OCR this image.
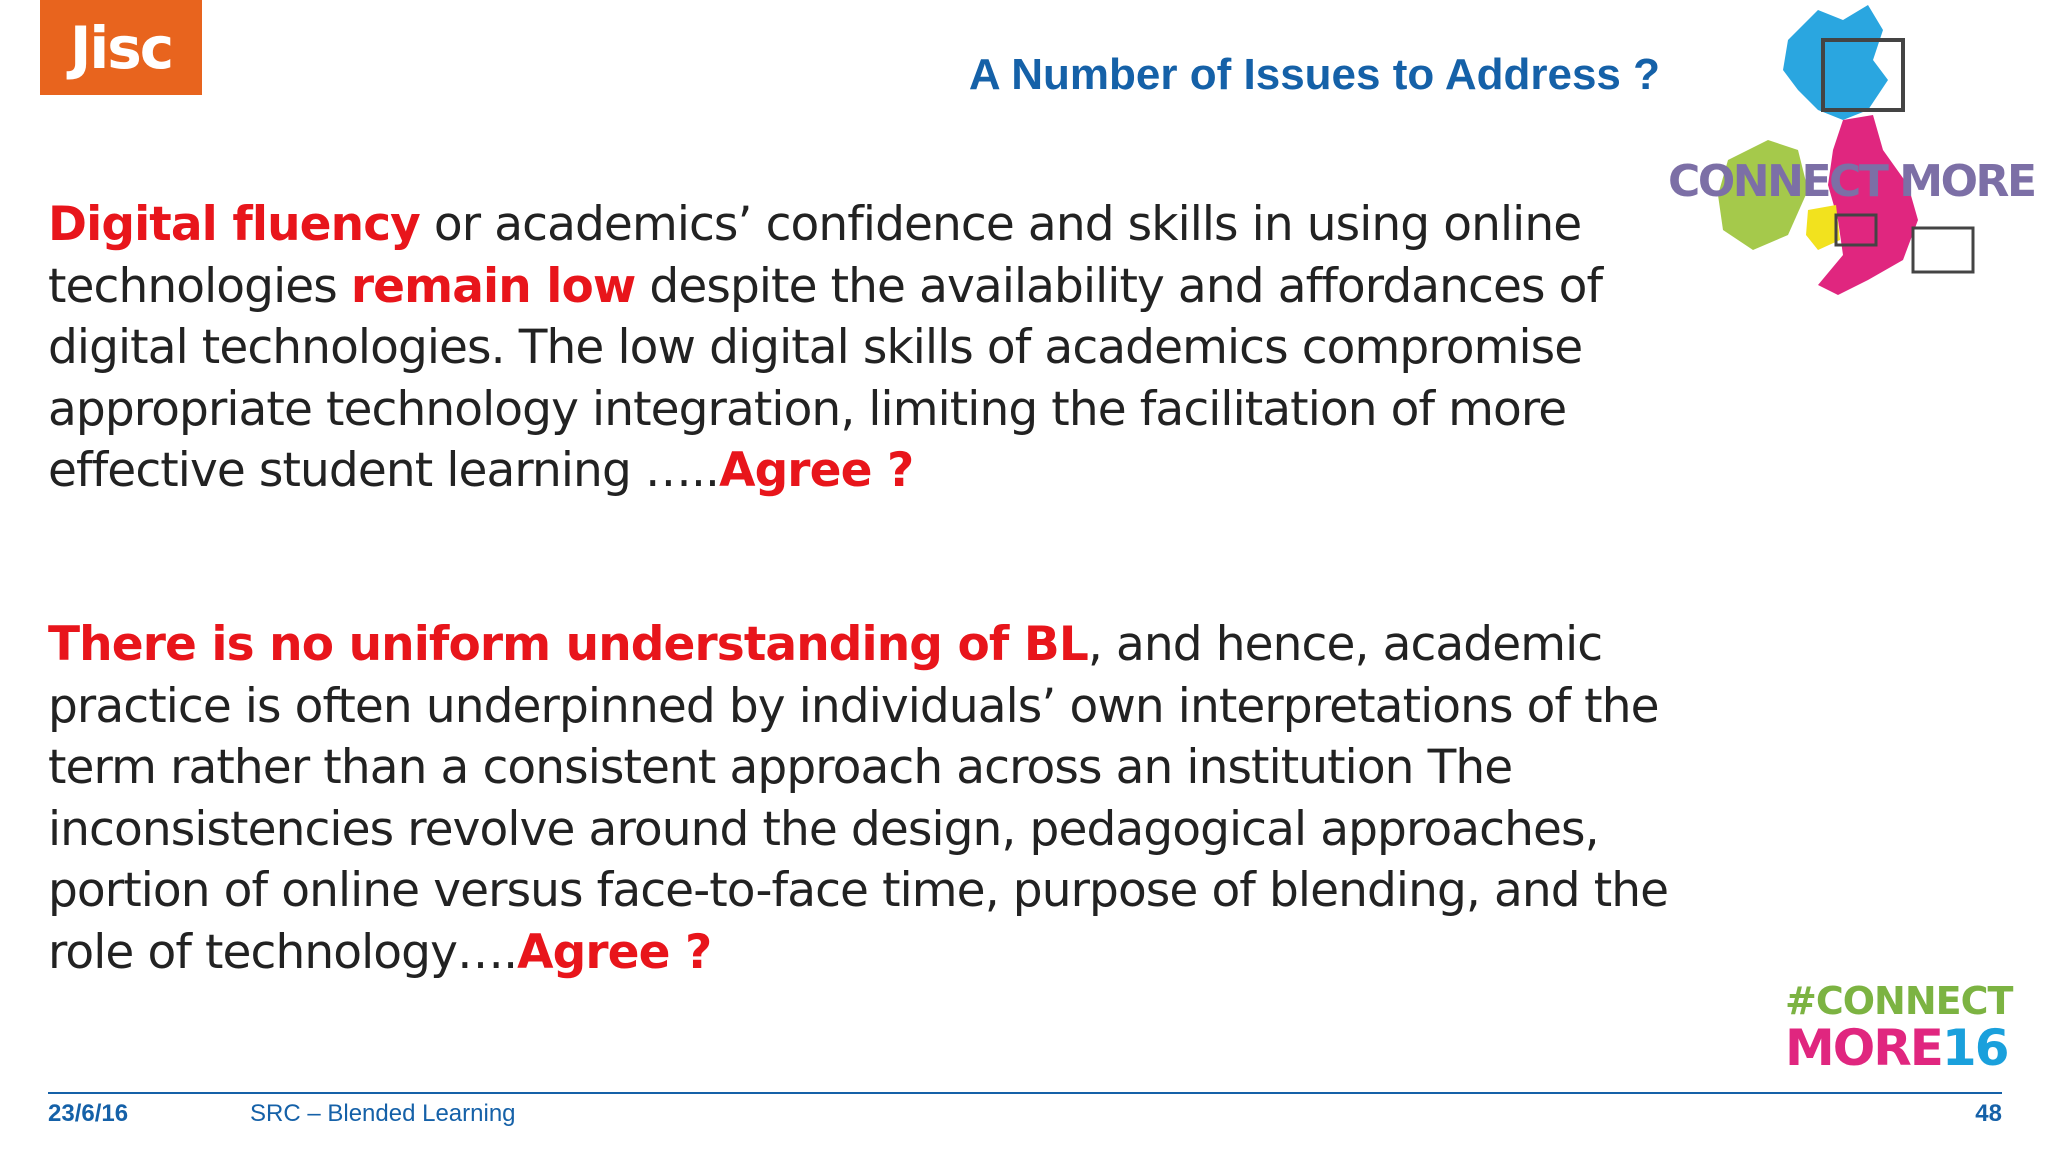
Jisc	A Number of Issues to Address ?
CONNECT MORE
Digital fluency or academics’ confidence and skills in using online technologies remain low despite the availability and affordances of digital technologies. The low digital skills of academics compromise appropriate technology integration, limiting the facilitation of more effective student learning …..Agree ?
There is no uniform understanding of BL, and hence, academic practice is often underpinned by individuals’ own interpretations of the term rather than a consistent approach across an institution The inconsistencies revolve around the design, pedagogical approaches, portion of online versus face-to-face time, purpose of blending, and the role of technology….Agree ?
#CONNECT
MORE16
23/6/16	SRC – Blended Learning	48
